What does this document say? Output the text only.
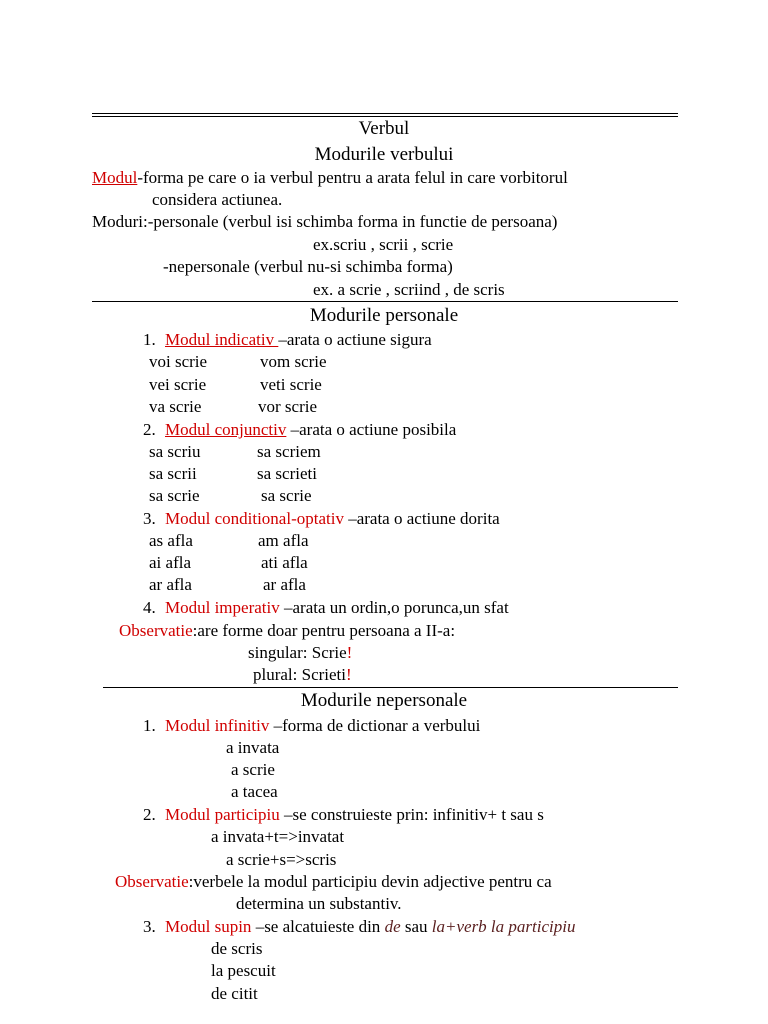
Verbul
Modurile verbului
Modul-forma pe care o ia verbul pentru a arata felul in care vorbitorul
considera actiunea.
Moduri:-personale (verbul isi schimba forma in functie de persoana)
ex.scriu , scrii , scrie
-nepersonale (verbul nu-si schimba forma)
ex. a scrie , scriind , de scris
Modurile personale
1. Modul indicativ –arata o actiune sigura
voi scrie	vom scrie
vei scrie	veti scrie
va scrie	vor scrie
2. Modul conjunctiv –arata o actiune posibila
sa scriu	sa scriem
sa scrii	sa scrieti
sa scrie	sa scrie
3. Modul conditional-optativ –arata o actiune dorita
as afla	am afla
ai afla	ati afla
ar afla	ar afla
4. Modul imperativ –arata un ordin,o porunca,un sfat
Observatie:are forme doar pentru persoana a II-a:
singular: Scrie!
plural: Scrieti!
Modurile nepersonale
1. Modul infinitiv –forma de dictionar a verbului
a invata
a scrie
a tacea
2. Modul participiu –se construieste prin: infinitiv+ t sau s
a invata+t=>invatat
a scrie+s=>scris
Observatie:verbele la modul participiu devin adjective pentru ca
determina un substantiv.
3. Modul supin –se alcatuieste din de sau la+verb la participiu
de scris
la pescuit
de citit
